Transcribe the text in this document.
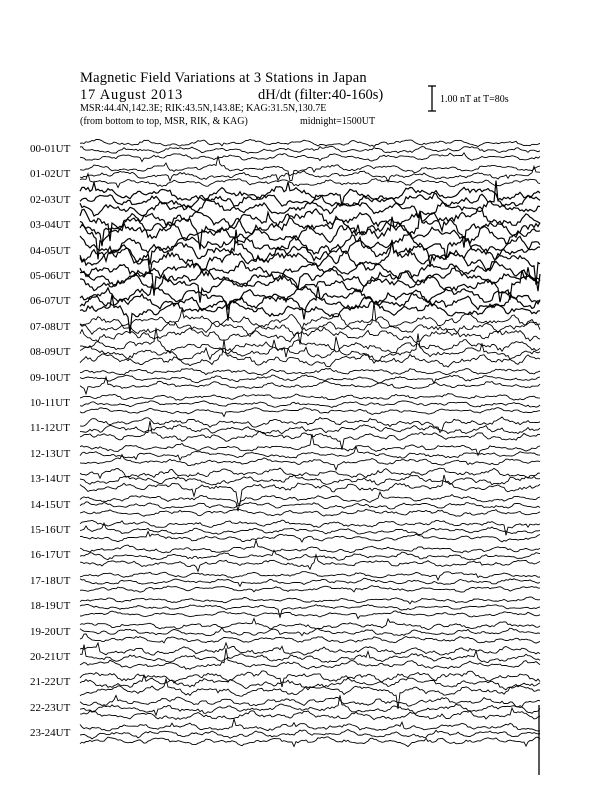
Magnetic Field Variations at 3 Stations in Japan
17 August 2013	dH/dt (filter:40-160s)
MSR:44.4N,142.3E; RIK:43.5N,143.8E; KAG:31.5N,130.7E
(from bottom to top, MSR, RIK, & KAG)	midnight=1500UT
1.00 nT at T=80s
00-01UT
01-02UT
02-03UT
03-04UT
04-05UT
05-06UT
06-07UT
07-08UT
08-09UT
09-10UT
10-11UT
11-12UT
12-13UT
13-14UT
14-15UT
15-16UT
16-17UT
17-18UT
18-19UT
19-20UT
20-21UT
21-22UT
22-23UT
23-24UT
